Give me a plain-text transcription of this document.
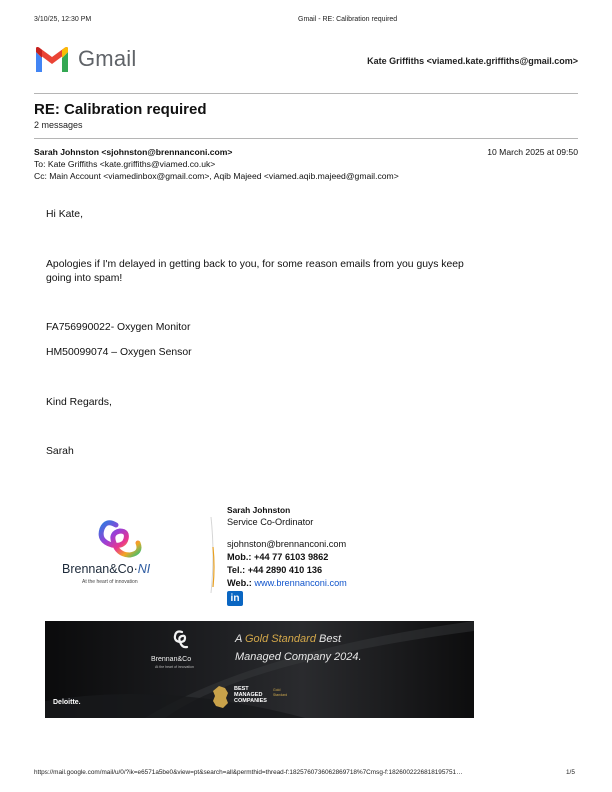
3/10/25, 12:30 PM	Gmail - RE: Calibration required
Gmail	Kate Griffiths <viamed.kate.griffiths@gmail.com>
RE: Calibration required
2 messages
Sarah Johnston <sjohnston@brennanconi.com>	10 March 2025 at 09:50
To: Kate Griffiths <kate.griffiths@viamed.co.uk>
Cc: Main Account <viamedinbox@gmail.com>, Aqib Majeed <viamed.aqib.majeed@gmail.com>
Hi Kate,
Apologies if I'm delayed in getting back to you, for some reason emails from you guys keep
going into spam!
FA756990022- Oxygen Monitor
HM50099074 – Oxygen Sensor
Kind Regards,
Sarah
Brennan&Co·NI
At the heart of innovation
Sarah Johnston
Service Co-Ordinator
sjohnston@brennanconi.com
Mob.: +44 77 6103 9862
Tel.: +44 2890 410 136
Web.: www.brennanconi.com
in
A Gold Standard Best
Managed Company 2024.
Brennan&Co
At the heart of innovation
Deloitte.
BEST
MANAGED
COMPANIES
Gold
Standard
https://mail.google.com/mail/u/0/?ik=e6571a5be0&view=pt&search=all&permthid=thread-f:1825760736062869718%7Cmsg-f:1826002226818195751…	1/5
